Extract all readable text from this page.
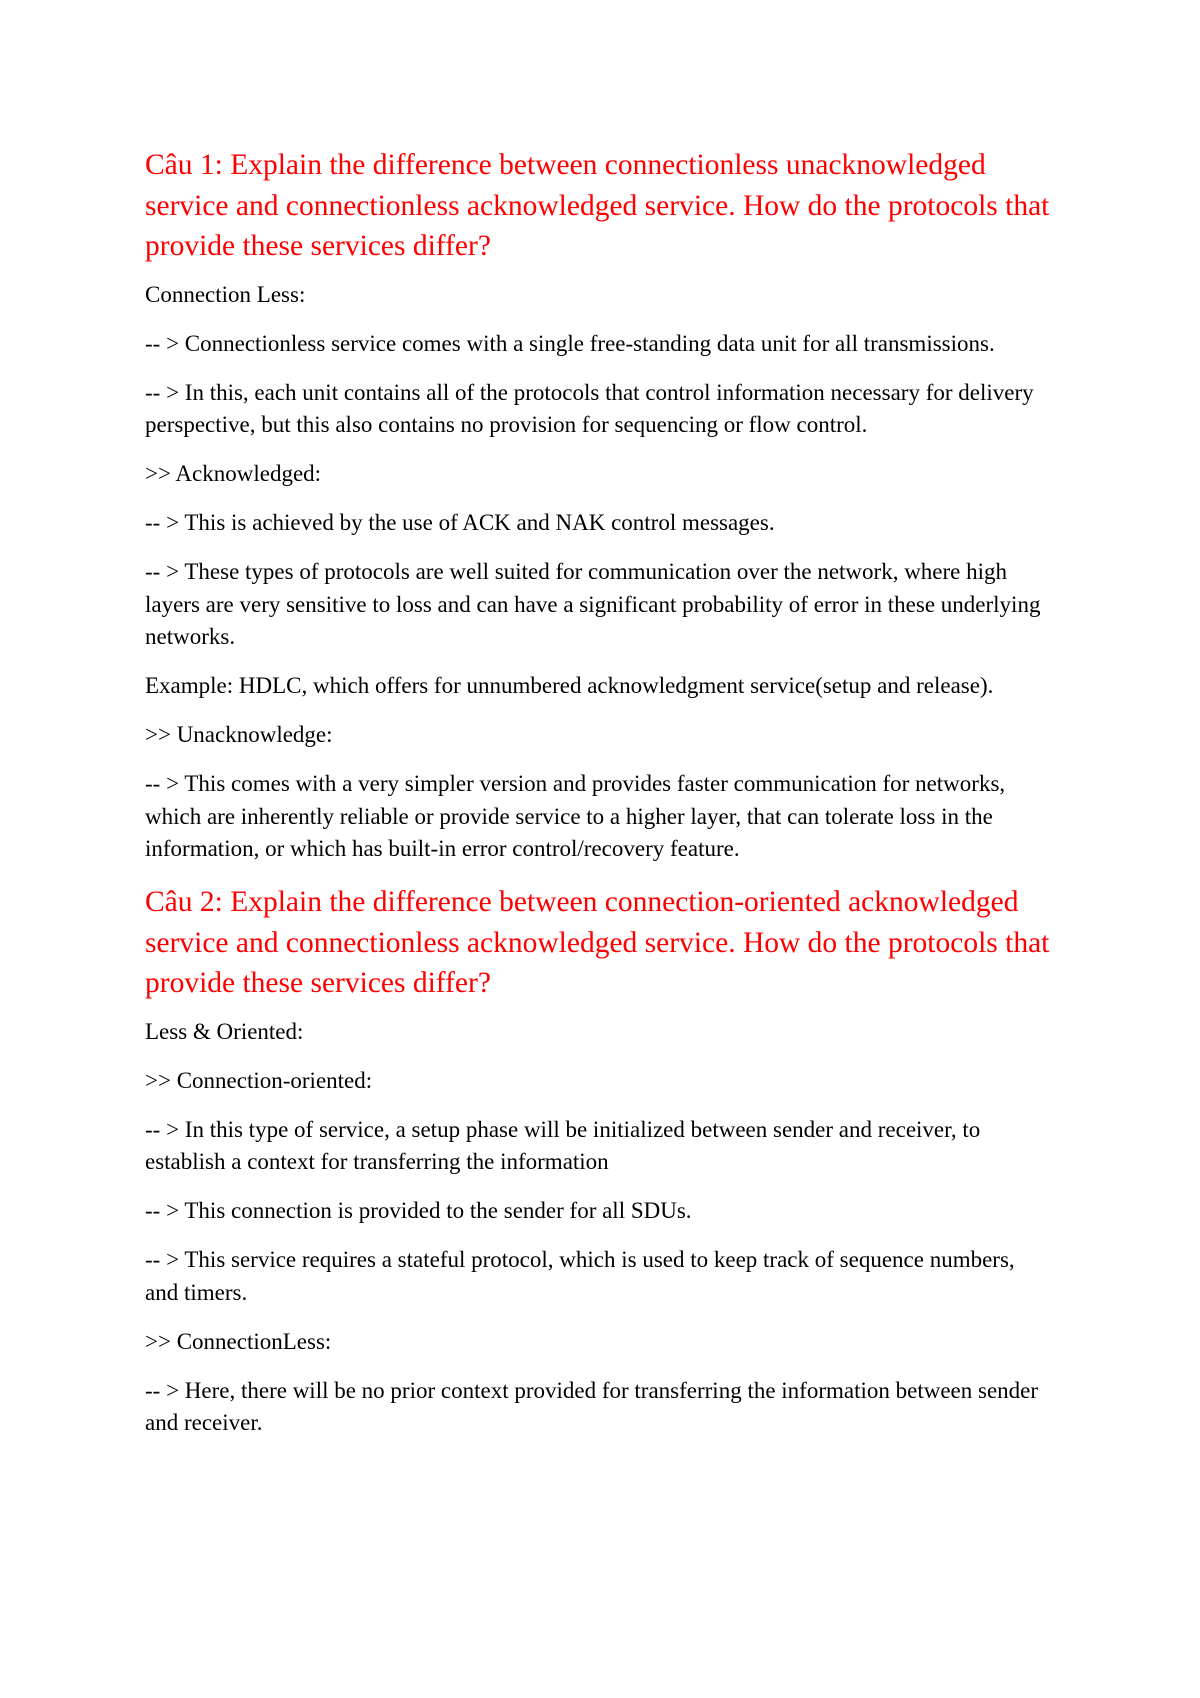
Câu 1: Explain the difference between connectionless unacknowledged service and connectionless acknowledged service. How do the protocols that provide these services differ?

Connection Less:

-- > Connectionless service comes with a single free-standing data unit for all transmissions.

-- > In this, each unit contains all of the protocols that control information necessary for delivery perspective, but this also contains no provision for sequencing or flow control.

>> Acknowledged:

-- > This is achieved by the use of ACK and NAK control messages.

-- > These types of protocols are well suited for communication over the network, where high layers are very sensitive to loss and can have a significant probability of error in these underlying networks.

Example: HDLC, which offers for unnumbered acknowledgment service(setup and release).

>> Unacknowledge:

-- > This comes with a very simpler version and provides faster communication for networks, which are inherently reliable or provide service to a higher layer, that can tolerate loss in the information, or which has built-in error control/recovery feature.

Câu 2: Explain the difference between connection-oriented acknowledged service and connectionless acknowledged service. How do the protocols that provide these services differ?

Less & Oriented:

>> Connection-oriented:

-- > In this type of service, a setup phase will be initialized between sender and receiver, to establish a context for transferring the information

-- > This connection is provided to the sender for all SDUs.

-- > This service requires a stateful protocol, which is used to keep track of sequence numbers, and timers.

>> ConnectionLess:

-- > Here, there will be no prior context provided for transferring the information between sender and receiver.
